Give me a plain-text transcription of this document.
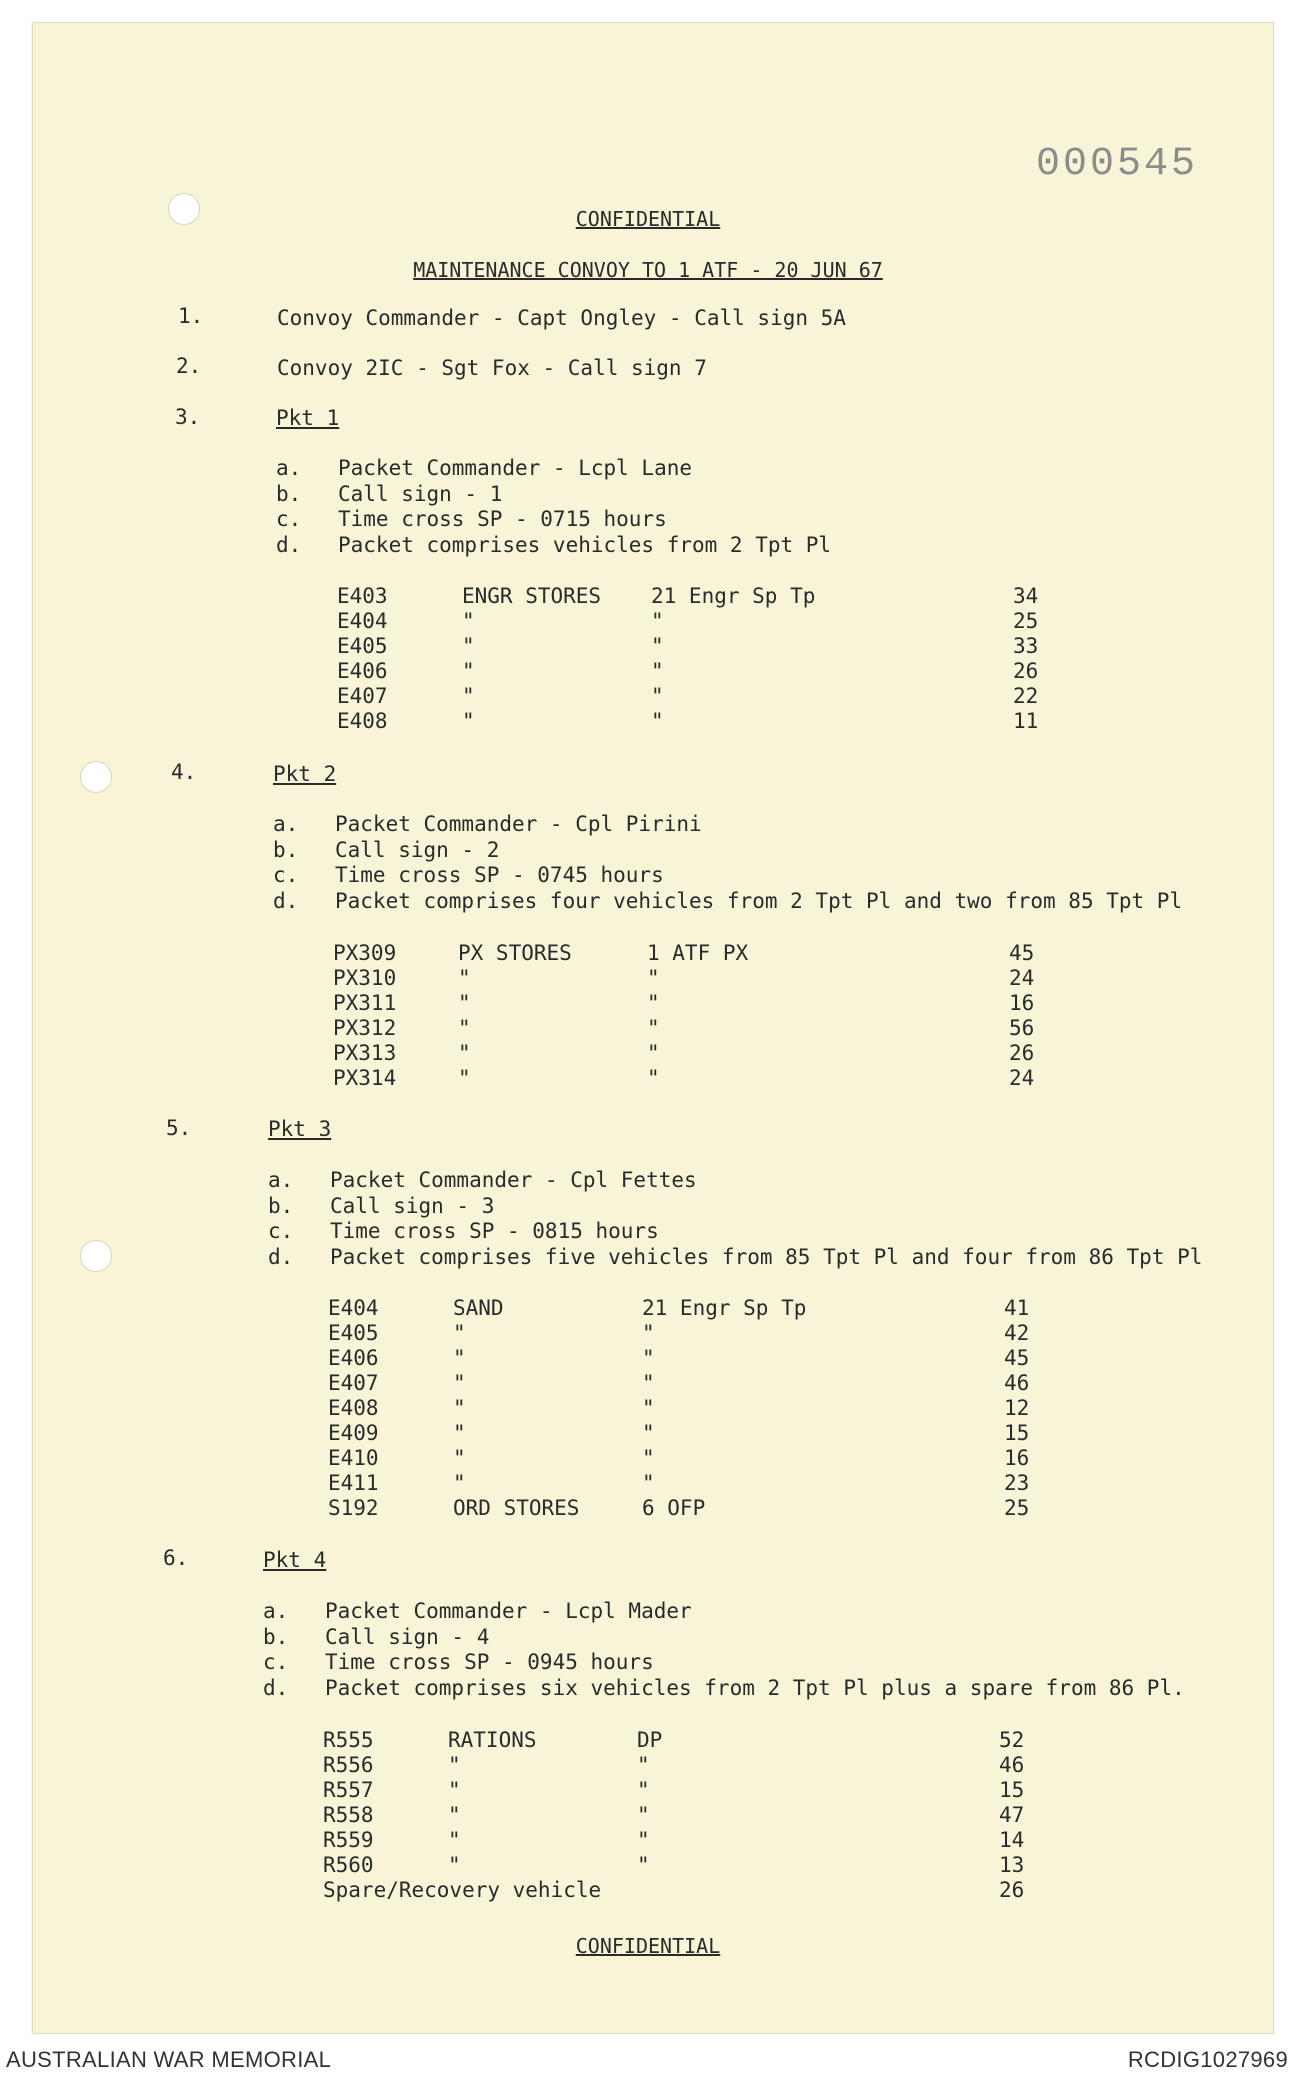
000545
CONFIDENTIAL
MAINTENANCE CONVOY TO 1 ATF - 20 JUN 67
1.	Convoy Commander - Capt Ongley - Call sign 5A
2.	Convoy 2IC - Sgt Fox - Call sign 7
3.	Pkt 1
a.	Packet Commander - Lcpl Lane
b.	Call sign - 1
c.	Time cross SP - 0715 hours
d.	Packet comprises vehicles from 2 Tpt Pl
E403	ENGR STORES	21 Engr Sp Tp	34
E404	"	"	25
E405	"	"	33
E406	"	"	26
E407	"	"	22
E408	"	"	11
4.	Pkt 2
a.	Packet Commander - Cpl Pirini
b.	Call sign - 2
c.	Time cross SP - 0745 hours
d.	Packet comprises four vehicles from 2 Tpt Pl and two from 85 Tpt Pl
PX309	PX STORES	1 ATF PX	45
PX310	"	"	24
PX311	"	"	16
PX312	"	"	56
PX313	"	"	26
PX314	"	"	24
5.	Pkt 3
a.	Packet Commander - Cpl Fettes
b.	Call sign - 3
c.	Time cross SP - 0815 hours
d.	Packet comprises five vehicles from 85 Tpt Pl and four from 86 Tpt Pl
E404	SAND	21 Engr Sp Tp	41
E405	"	"	42
E406	"	"	45
E407	"	"	46
E408	"	"	12
E409	"	"	15
E410	"	"	16
E411	"	"	23
S192	ORD STORES	6 OFP	25
6.	Pkt 4
a.	Packet Commander - Lcpl Mader
b.	Call sign - 4
c.	Time cross SP - 0945 hours
d.	Packet comprises six vehicles from 2 Tpt Pl plus a spare from 86 Pl.
R555	RATIONS	DP	52
R556	"	"	46
R557	"	"	15
R558	"	"	47
R559	"	"	14
R560	"	"	13
Spare/Recovery vehicle	26
CONFIDENTIAL
AUSTRALIAN WAR MEMORIAL	RCDIG1027969
